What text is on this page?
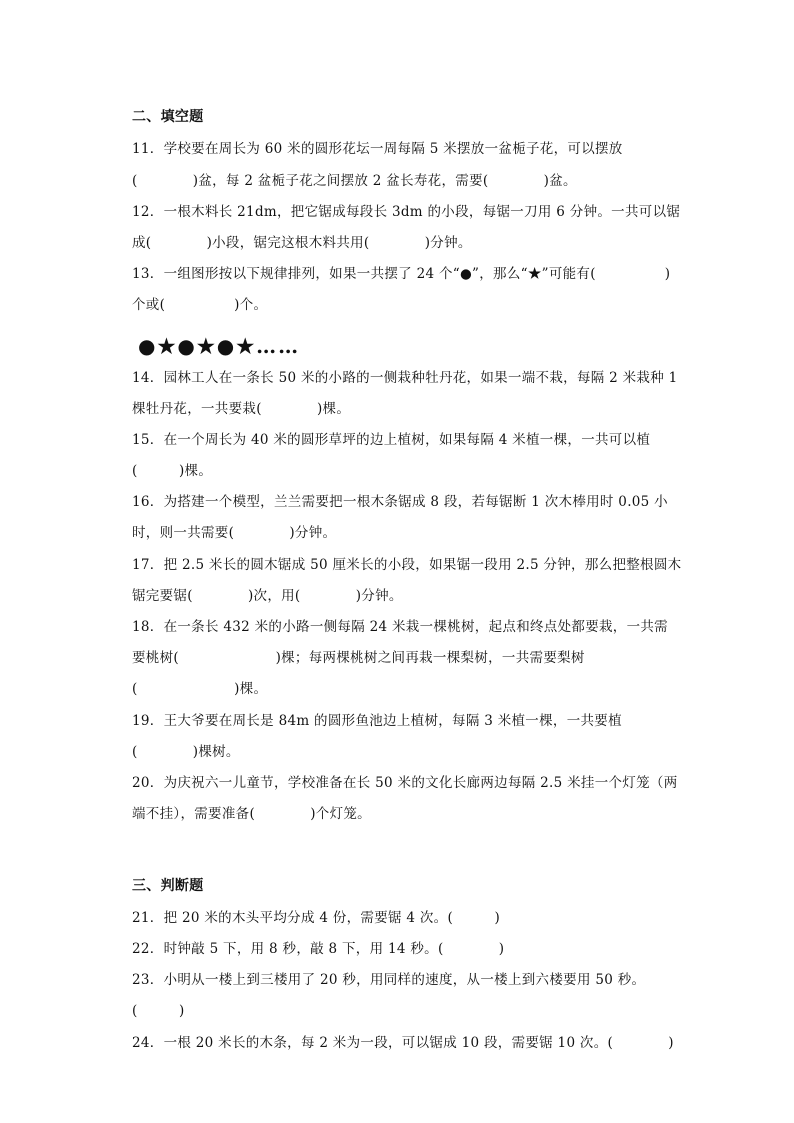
二、填空题
11．学校要在周长为 60 米的圆形花坛一周每隔 5 米摆放一盆栀子花，可以摆放
(　　　　)盆，每 2 盆栀子花之间摆放 2 盆长寿花，需要(　　　　)盆。
12．一根木料长 21dm，把它锯成每段长 3dm 的小段，每锯一刀用 6 分钟。一共可以锯
成(　　　　)小段，锯完这根木料共用(　　　　)分钟。
13．一组图形按以下规律排列，如果一共摆了 24 个“●”，那么“★”可能有(　　　　　)
个或(　　　　　)个。
●★●★●★……
14．园林工人在一条长 50 米的小路的一侧栽种牡丹花，如果一端不栽，每隔 2 米栽种 1
棵牡丹花，一共要栽(　　　　)棵。
15．在一个周长为 40 米的圆形草坪的边上植树，如果每隔 4 米植一棵，一共可以植
(　　　)棵。
16．为搭建一个模型，兰兰需要把一根木条锯成 8 段，若每锯断 1 次木棒用时 0.05 小
时，则一共需要(　　　　)分钟。
17．把 2.5 米长的圆木锯成 50 厘米长的小段，如果锯一段用 2.5 分钟，那么把整根圆木
锯完要锯(　　　　)次，用(　　　　)分钟。
18．在一条长 432 米的小路一侧每隔 24 米栽一棵桃树，起点和终点处都要栽，一共需
要桃树(　　　　　　　)棵；每两棵桃树之间再栽一棵梨树，一共需要梨树
(　　　　　　　)棵。
19．王大爷要在周长是 84m 的圆形鱼池边上植树，每隔 3 米植一棵，一共要植
(　　　　)棵树。
20．为庆祝六一儿童节，学校准备在长 50 米的文化长廊两边每隔 2.5 米挂一个灯笼（两
端不挂），需要准备(　　　　)个灯笼。
三、判断题
21．把 20 米的木头平均分成 4 份，需要锯 4 次。(　　　)
22．时钟敲 5 下，用 8 秒，敲 8 下，用 14 秒。(　　　　)
23．小明从一楼上到三楼用了 20 秒，用同样的速度，从一楼上到六楼要用 50 秒。
(　　　)
24．一根 20 米长的木条，每 2 米为一段，可以锯成 10 段，需要锯 10 次。(　　　　)
